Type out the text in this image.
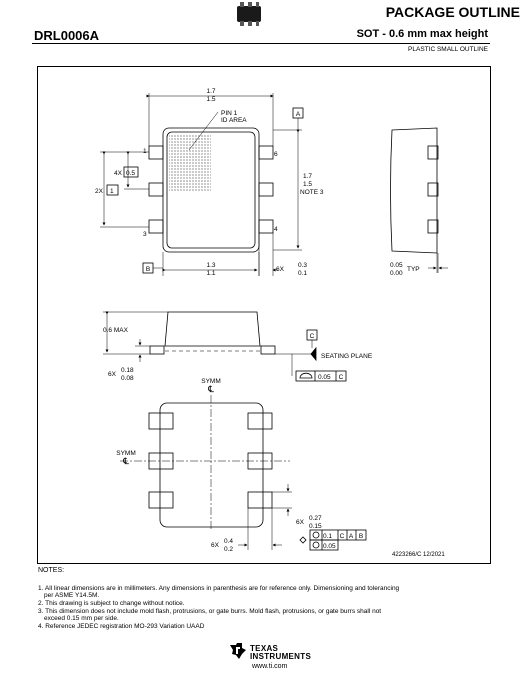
PACKAGE OUTLINE
DRL0006A	SOT - 0.6 mm max height
PLASTIC SMALL OUTLINE
1.7
1.5
PIN 1
ID AREA
A
1.7
1.5
NOTE 3
B
1.3
1.1
6X
0.3
0.1
4X 0.5
2X 1
1
3
6
4
0.05
0.00
TYP
0.6 MAX
C
SEATING PLANE
6X
0.18
0.08	0.05 C
SYMM
℄
SYMM
℄
6X
0.27
0.15
6X
0.4
0.2
0.1 C A B
0.05
4223266/C 12/2021
NOTES:
1. All linear dimensions are in millimeters. Any dimensions in parenthesis are for reference only. Dimensioning and tolerancing
per ASME Y14.5M.
2. This drawing is subject to change without notice.
3. This dimension does not include mold flash, protrusions, or gate burrs. Mold flash, protrusions, or gate burrs shall not
exceed 0.15 mm per side.
4. Reference JEDEC registration MO-293 Variation UAAD
TEXAS
INSTRUMENTS
www.ti.com
